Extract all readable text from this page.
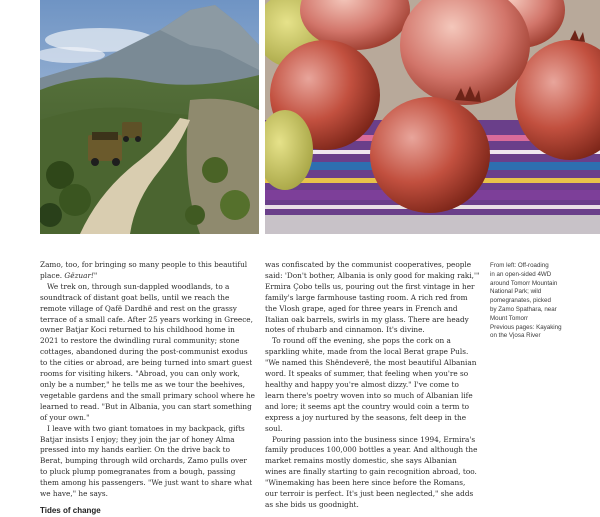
Zamo, too, for bringing so many people to this beautiful place. Gëzuar!"

We trek on, through sun-dappled woodlands, to a soundtrack of distant goat bells, until we reach the remote village of Qafë Dardhë and rest on the grassy terrace of a small cafe. After 25 years working in Greece, owner Batjar Koci returned to his childhood home in 2021 to restore the dwindling rural community; stone cottages, abandoned during the post-communist exodus to the cities or abroad, are being turned into smart guest rooms for visiting hikers. "Abroad, you can only work, only be a number," he tells me as we tour the beehives, vegetable gardens and the small primary school where he learned to read. "But in Albania, you can start something of your own."

I leave with two giant tomatoes in my backpack, gifts Batjar insists I enjoy; they join the jar of honey Alma pressed into my hands earlier. On the drive back to Berat, bumping through wild orchards, Zamo pulls over to pluck plump pomegranates from a bough, passing them among his passengers. "We just want to share what we have," he says.

Tides of change

was confiscated by the communist cooperatives, people said: 'Don't bother, Albania is only good for making raki,'" Ermira Çobo tells us, pouring out the first vintage in her family's large farmhouse tasting room. A rich red from the Vlosh grape, aged for three years in French and Italian oak barrels, swirls in my glass. There are heady notes of rhubarb and cinnamon. It's divine.

To round off the evening, she pops the cork on a sparkling white, made from the local Berat grape Puls. "We named this Shëndeverë, the most beautiful Albanian word. It speaks of summer, that feeling when you're so healthy and happy you're almost dizzy." I've come to learn there's poetry woven into so much of Albanian life and lore; it seems apt the country would coin a term to express a joy nurtured by the seasons, felt deep in the soul.

Pouring passion into the business since 1994, Ermira's family produces 100,000 bottles a year. And although the market remains mostly domestic, she says Albanian wines are finally starting to gain recognition abroad, too. "Winemaking has been here since before the Romans, our terroir is perfect. It's just been neglected," she adds as she bids us goodnight.

From left: Off-roading
in an open-sided 4WD
around Tomorr Mountain
National Park; wild
pomegranates, picked
by Zamo Spathara, near
Mount Tomorr
Previous pages: Kayaking
on the Vjosa River
